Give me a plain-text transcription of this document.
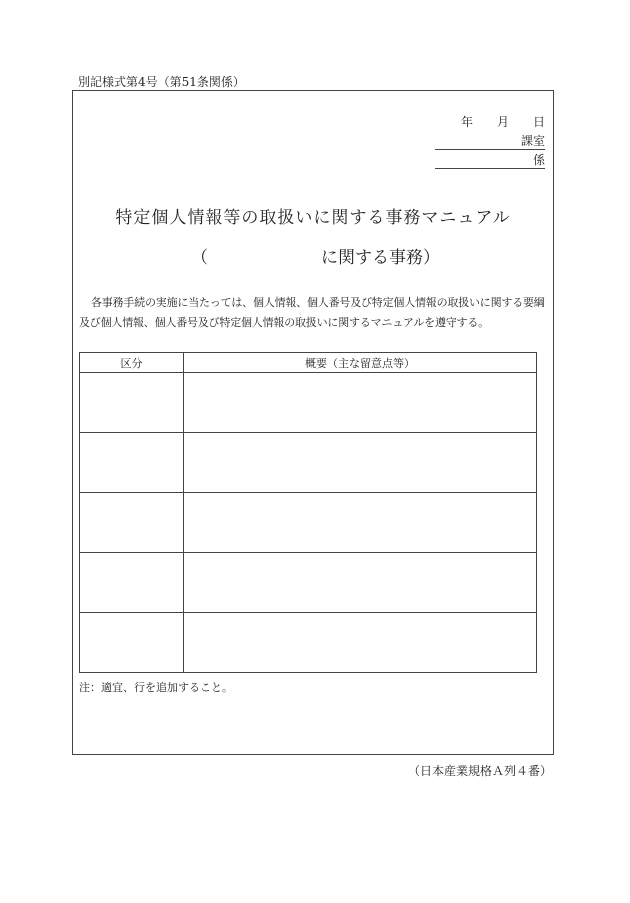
別記様式第4号（第51条関係）
年　　月　　日
課室
係
特定個人情報等の取扱いに関する事務マニュアル
（	に関する事務）
各事務手続の実施に当たっては、個人情報、個人番号及び特定個人情報の取扱いに関する要綱及び個人情報、個人番号及び特定個人情報の取扱いに関するマニュアルを遵守する。
区分	概要（主な留意点等）

注：適宜、行を追加すること。
（日本産業規格Ａ列４番）
